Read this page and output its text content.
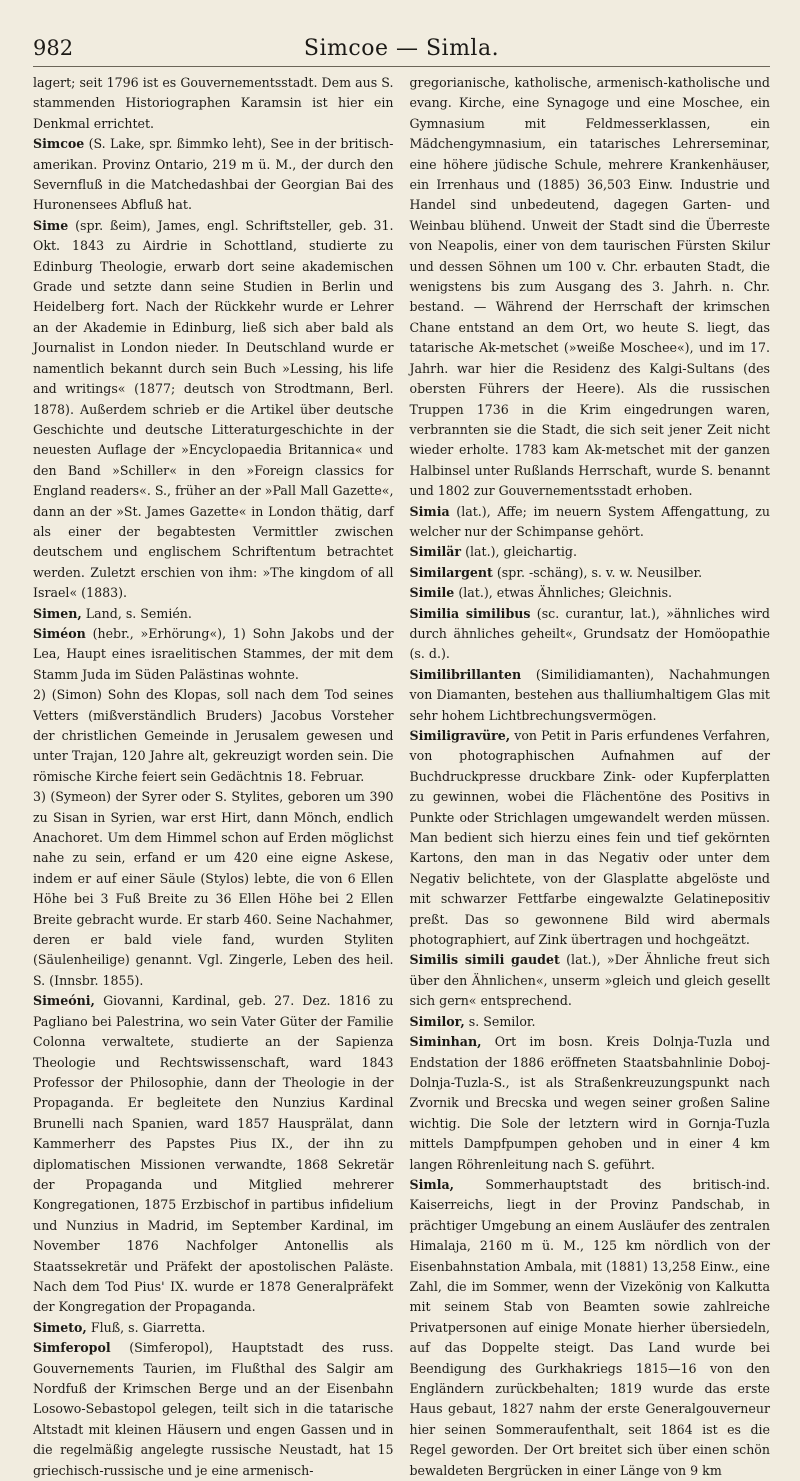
982	Simcoe — Simla.

lagert; seit 1796 ist es Gouvernementsstadt. Dem aus S. stammenden Historiographen Karamsin ist hier ein Denkmal errichtet.

Simcoe (S. Lake, spr. ßimmko leht), See in der britisch-amerikan. Provinz Ontario, 219 m ü. M., der durch den Severnfluß in die Matchedashbai der Georgian Bai des Huronensees Abfluß hat.

Sime (spr. ßeim), James, engl. Schriftsteller, geb. 31. Okt. 1843 zu Airdrie in Schottland, studierte zu Edinburg Theologie, erwarb dort seine akademischen Grade und setzte dann seine Studien in Berlin und Heidelberg fort. Nach der Rückkehr wurde er Lehrer an der Akademie in Edinburg, ließ sich aber bald als Journalist in London nieder. In Deutschland wurde er namentlich bekannt durch sein Buch »Lessing, his life and writings« (1877; deutsch von Strodtmann, Berl. 1878). Außerdem schrieb er die Artikel über deutsche Geschichte und deutsche Litteraturgeschichte in der neuesten Auflage der »Encyclopaedia Britannica« und den Band »Schiller« in den »Foreign classics for England readers«. S., früher an der »Pall Mall Gazette«, dann an der »St. James Gazette« in London thätig, darf als einer der begabtesten Vermittler zwischen deutschem und englischem Schriftentum betrachtet werden. Zuletzt erschien von ihm: »The kingdom of all Israel« (1883).

Simen, Land, s. Semién.

Siméon (hebr., »Erhörung«), 1) Sohn Jakobs und der Lea, Haupt eines israelitischen Stammes, der mit dem Stamm Juda im Süden Palästinas wohnte.

2) (Simon) Sohn des Klopas, soll nach dem Tod seines Vetters (mißverständlich Bruders) Jacobus Vorsteher der christlichen Gemeinde in Jerusalem gewesen und unter Trajan, 120 Jahre alt, gekreuzigt worden sein. Die römische Kirche feiert sein Gedächtnis 18. Februar.

3) (Symeon) der Syrer oder S. Stylites, geboren um 390 zu Sisan in Syrien, war erst Hirt, dann Mönch, endlich Anachoret. Um dem Himmel schon auf Erden möglichst nahe zu sein, erfand er um 420 eine eigne Askese, indem er auf einer Säule (Stylos) lebte, die von 6 Ellen Höhe bei 3 Fuß Breite zu 36 Ellen Höhe bei 2 Ellen Breite gebracht wurde. Er starb 460. Seine Nachahmer, deren er bald viele fand, wurden Styliten (Säulenheilige) genannt. Vgl. Zingerle, Leben des heil. S. (Innsbr. 1855).

Simeóni, Giovanni, Kardinal, geb. 27. Dez. 1816 zu Pagliano bei Palestrina, wo sein Vater Güter der Familie Colonna verwaltete, studierte an der Sapienza Theologie und Rechtswissenschaft, ward 1843 Professor der Philosophie, dann der Theologie in der Propaganda. Er begleitete den Nunzius Kardinal Brunelli nach Spanien, ward 1857 Hausprälat, dann Kammerherr des Papstes Pius IX., der ihn zu diplomatischen Missionen verwandte, 1868 Sekretär der Propaganda und Mitglied mehrerer Kongregationen, 1875 Erzbischof in partibus infidelium und Nunzius in Madrid, im September Kardinal, im November 1876 Nachfolger Antonellis als Staatssekretär und Präfekt der apostolischen Paläste. Nach dem Tod Pius' IX. wurde er 1878 Generalpräfekt der Kongregation der Propaganda.

Simeto, Fluß, s. Giarretta.

Simferopol (Simferopol), Hauptstadt des russ. Gouvernements Taurien, im Flußthal des Salgir am Nordfuß der Krimschen Berge und an der Eisenbahn Losowo-Sebastopol gelegen, teilt sich in die tatarische Altstadt mit kleinen Häusern und engen Gassen und in die regelmäßig angelegte russische Neustadt, hat 15 griechisch-russische und je eine armenisch-

gregorianische, katholische, armenisch-katholische und evang. Kirche, eine Synagoge und eine Moschee, ein Gymnasium mit Feldmesserklassen, ein Mädchengymnasium, ein tatarisches Lehrerseminar, eine höhere jüdische Schule, mehrere Krankenhäuser, ein Irrenhaus und (1885) 36,503 Einw. Industrie und Handel sind unbedeutend, dagegen Garten- und Weinbau blühend. Unweit der Stadt sind die Überreste von Neapolis, einer von dem taurischen Fürsten Skilur und dessen Söhnen um 100 v. Chr. erbauten Stadt, die wenigstens bis zum Ausgang des 3. Jahrh. n. Chr. bestand. — Während der Herrschaft der krimschen Chane entstand an dem Ort, wo heute S. liegt, das tatarische Ak-metschet (»weiße Moschee«), und im 17. Jahrh. war hier die Residenz des Kalgi-Sultans (des obersten Führers der Heere). Als die russischen Truppen 1736 in die Krim eingedrungen waren, verbrannten sie die Stadt, die sich seit jener Zeit nicht wieder erholte. 1783 kam Ak-metschet mit der ganzen Halbinsel unter Rußlands Herrschaft, wurde S. benannt und 1802 zur Gouvernementsstadt erhoben.

Simia (lat.), Affe; im neuern System Affengattung, zu welcher nur der Schimpanse gehört.

Similär (lat.), gleichartig.

Similargent (spr. -schäng), s. v. w. Neusilber.

Simile (lat.), etwas Ähnliches; Gleichnis.

Similia similibus (sc. curantur, lat.), »ähnliches wird durch ähnliches geheilt«, Grundsatz der Homöopathie (s. d.).

Similibrillanten (Similidiamanten), Nachahmungen von Diamanten, bestehen aus thalliumhaltigem Glas mit sehr hohem Lichtbrechungsvermögen.

Similigravüre, von Petit in Paris erfundenes Verfahren, von photographischen Aufnahmen auf der Buchdruckpresse druckbare Zink- oder Kupferplatten zu gewinnen, wobei die Flächentöne des Positivs in Punkte oder Strichlagen umgewandelt werden müssen. Man bedient sich hierzu eines fein und tief gekörnten Kartons, den man in das Negativ oder unter dem Negativ belichtete, von der Glasplatte abgelöste und mit schwarzer Fettfarbe eingewalzte Gelatinepositiv preßt. Das so gewonnene Bild wird abermals photographiert, auf Zink übertragen und hochgeätzt.

Similis simili gaudet (lat.), »Der Ähnliche freut sich über den Ähnlichen«, unserm »gleich und gleich gesellt sich gern« entsprechend.

Similor, s. Semilor.

Siminhan, Ort im bosn. Kreis Dolnja-Tuzla und Endstation der 1886 eröffneten Staatsbahnlinie Doboj-Dolnja-Tuzla-S., ist als Straßenkreuzungspunkt nach Zvornik und Brecska und wegen seiner großen Saline wichtig. Die Sole der letztern wird in Gornja-Tuzla mittels Dampfpumpen gehoben und in einer 4 km langen Röhrenleitung nach S. geführt.

Simla, Sommerhauptstadt des britisch-ind. Kaiserreichs, liegt in der Provinz Pandschab, in prächtiger Umgebung an einem Ausläufer des zentralen Himalaja, 2160 m ü. M., 125 km nördlich von der Eisenbahnstation Ambala, mit (1881) 13,258 Einw., eine Zahl, die im Sommer, wenn der Vizekönig von Kalkutta mit seinem Stab von Beamten sowie zahlreiche Privatpersonen auf einige Monate hierher übersiedeln, auf das Doppelte steigt. Das Land wurde bei Beendigung des Gurkhakriegs 1815—16 von den Engländern zurückbehalten; 1819 wurde das erste Haus gebaut, 1827 nahm der erste Generalgouverneur hier seinen Sommeraufenthalt, seit 1864 ist es die Regel geworden. Der Ort breitet sich über einen schön bewaldeten Bergrücken in einer Länge von 9 km
